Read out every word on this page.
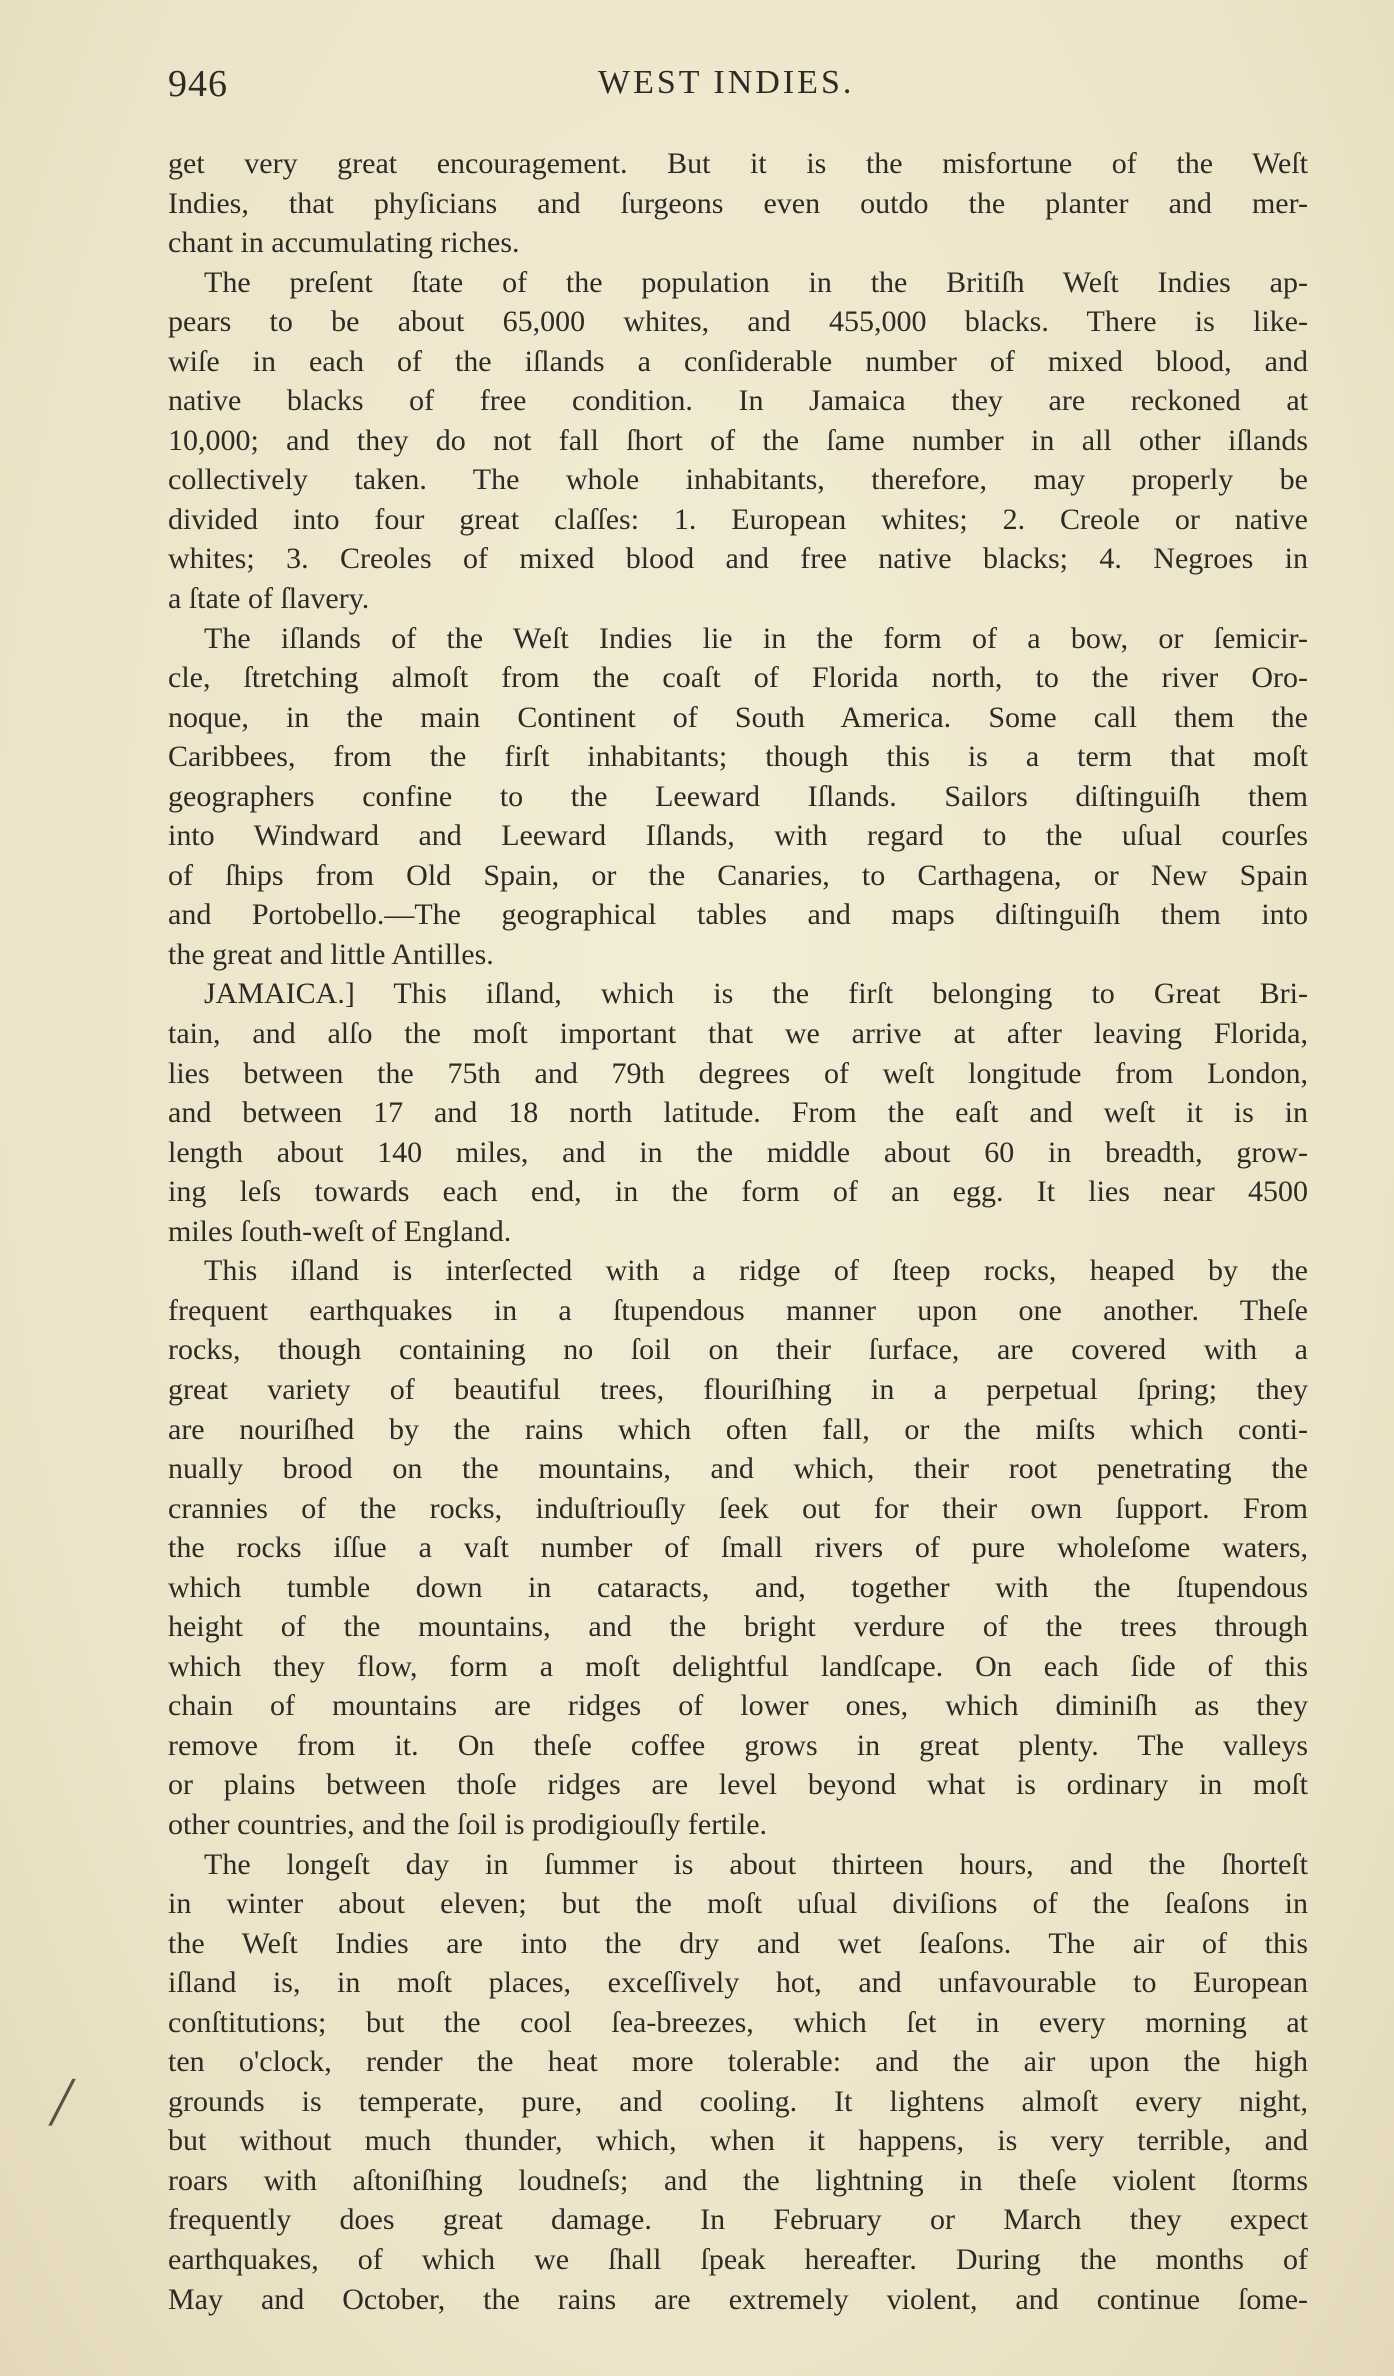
946	WEST INDIES.
get very great encouragement. But it is the misfortune of the Weſt
Indies, that phyſicians and ſurgeons even outdo the planter and mer-
chant in accumulating riches.
The preſent ſtate of the population in the Britiſh Weſt Indies ap-
pears to be about 65,000 whites, and 455,000 blacks. There is like-
wiſe in each of the iſlands a conſiderable number of mixed blood, and
native blacks of free condition. In Jamaica they are reckoned at
10,000; and they do not fall ſhort of the ſame number in all other iſlands
collectively taken. The whole inhabitants, therefore, may properly be
divided into four great claſſes: 1. European whites; 2. Creole or native
whites; 3. Creoles of mixed blood and free native blacks; 4. Negroes in
a ſtate of ſlavery.
The iſlands of the Weſt Indies lie in the form of a bow, or ſemicir-
cle, ſtretching almoſt from the coaſt of Florida north, to the river Oro-
noque, in the main Continent of South America. Some call them the
Caribbees, from the firſt inhabitants; though this is a term that moſt
geographers confine to the Leeward Iſlands. Sailors diſtinguiſh them
into Windward and Leeward Iſlands, with regard to the uſual courſes
of ſhips from Old Spain, or the Canaries, to Carthagena, or New Spain
and Portobello.—The geographical tables and maps diſtinguiſh them into
the great and little Antilles.
JAMAICA.] This iſland, which is the firſt belonging to Great Bri-
tain, and alſo the moſt important that we arrive at after leaving Florida,
lies between the 75th and 79th degrees of weſt longitude from London,
and between 17 and 18 north latitude. From the eaſt and weſt it is in
length about 140 miles, and in the middle about 60 in breadth, grow-
ing leſs towards each end, in the form of an egg. It lies near 4500
miles ſouth-weſt of England.
This iſland is interſected with a ridge of ſteep rocks, heaped by the
frequent earthquakes in a ſtupendous manner upon one another. Theſe
rocks, though containing no ſoil on their ſurface, are covered with a
great variety of beautiful trees, flouriſhing in a perpetual ſpring; they
are nouriſhed by the rains which often fall, or the miſts which conti-
nually brood on the mountains, and which, their root penetrating the
crannies of the rocks, induſtriouſly ſeek out for their own ſupport. From
the rocks iſſue a vaſt number of ſmall rivers of pure wholeſome waters,
which tumble down in cataracts, and, together with the ſtupendous
height of the mountains, and the bright verdure of the trees through
which they flow, form a moſt delightful landſcape. On each ſide of this
chain of mountains are ridges of lower ones, which diminiſh as they
remove from it. On theſe coffee grows in great plenty. The valleys
or plains between thoſe ridges are level beyond what is ordinary in moſt
other countries, and the ſoil is prodigiouſly fertile.
The longeſt day in ſummer is about thirteen hours, and the ſhorteſt
in winter about eleven; but the moſt uſual diviſions of the ſeaſons in
the Weſt Indies are into the dry and wet ſeaſons. The air of this
iſland is, in moſt places, exceſſively hot, and unfavourable to European
conſtitutions; but the cool ſea-breezes, which ſet in every morning at
ten o'clock, render the heat more tolerable: and the air upon the high
grounds is temperate, pure, and cooling. It lightens almoſt every night,
but without much thunder, which, when it happens, is very terrible, and
roars with aſtoniſhing loudneſs; and the lightning in theſe violent ſtorms
frequently does great damage. In February or March they expect
earthquakes, of which we ſhall ſpeak hereafter. During the months of
May and October, the rains are extremely violent, and continue ſome-
╱
